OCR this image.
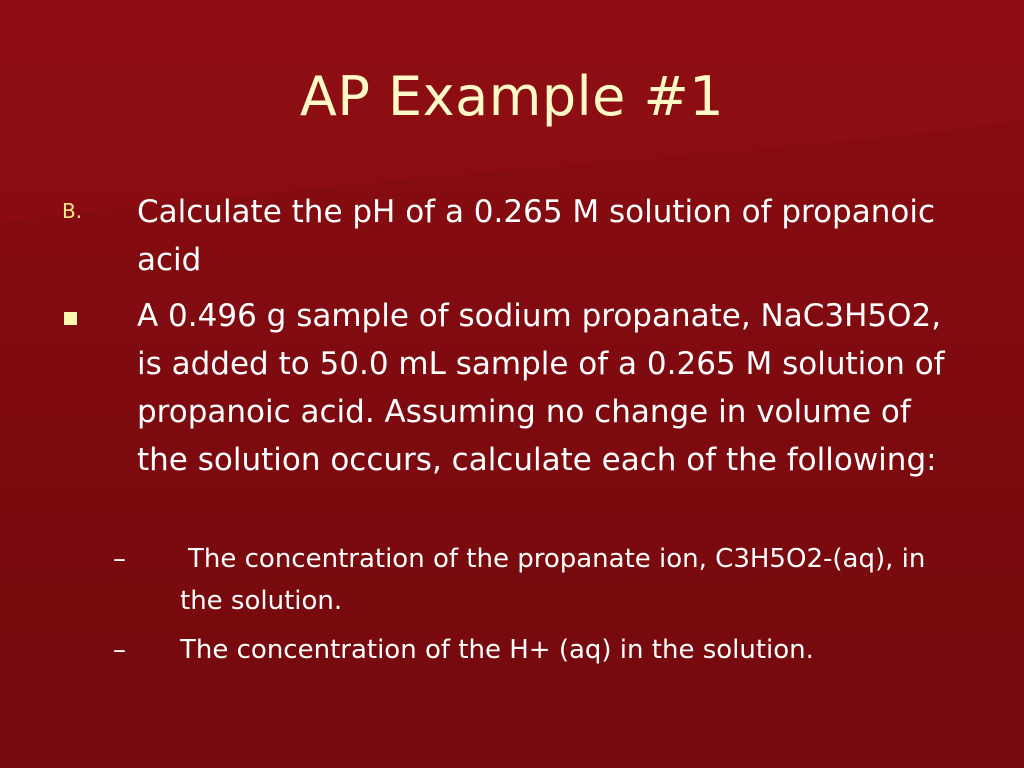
AP Example #1
B. Calculate the pH of a 0.265 M solution of propanoic acid
A 0.496 g sample of sodium propanate, NaC3H5O2, is added to 50.0 mL sample of a 0.265 M solution of propanoic acid. Assuming no change in volume of the solution occurs, calculate each of the following:
–	The concentration of the propanate ion, C3H5O2-(aq), in the solution.
– The concentration of the H+ (aq) in the solution.
